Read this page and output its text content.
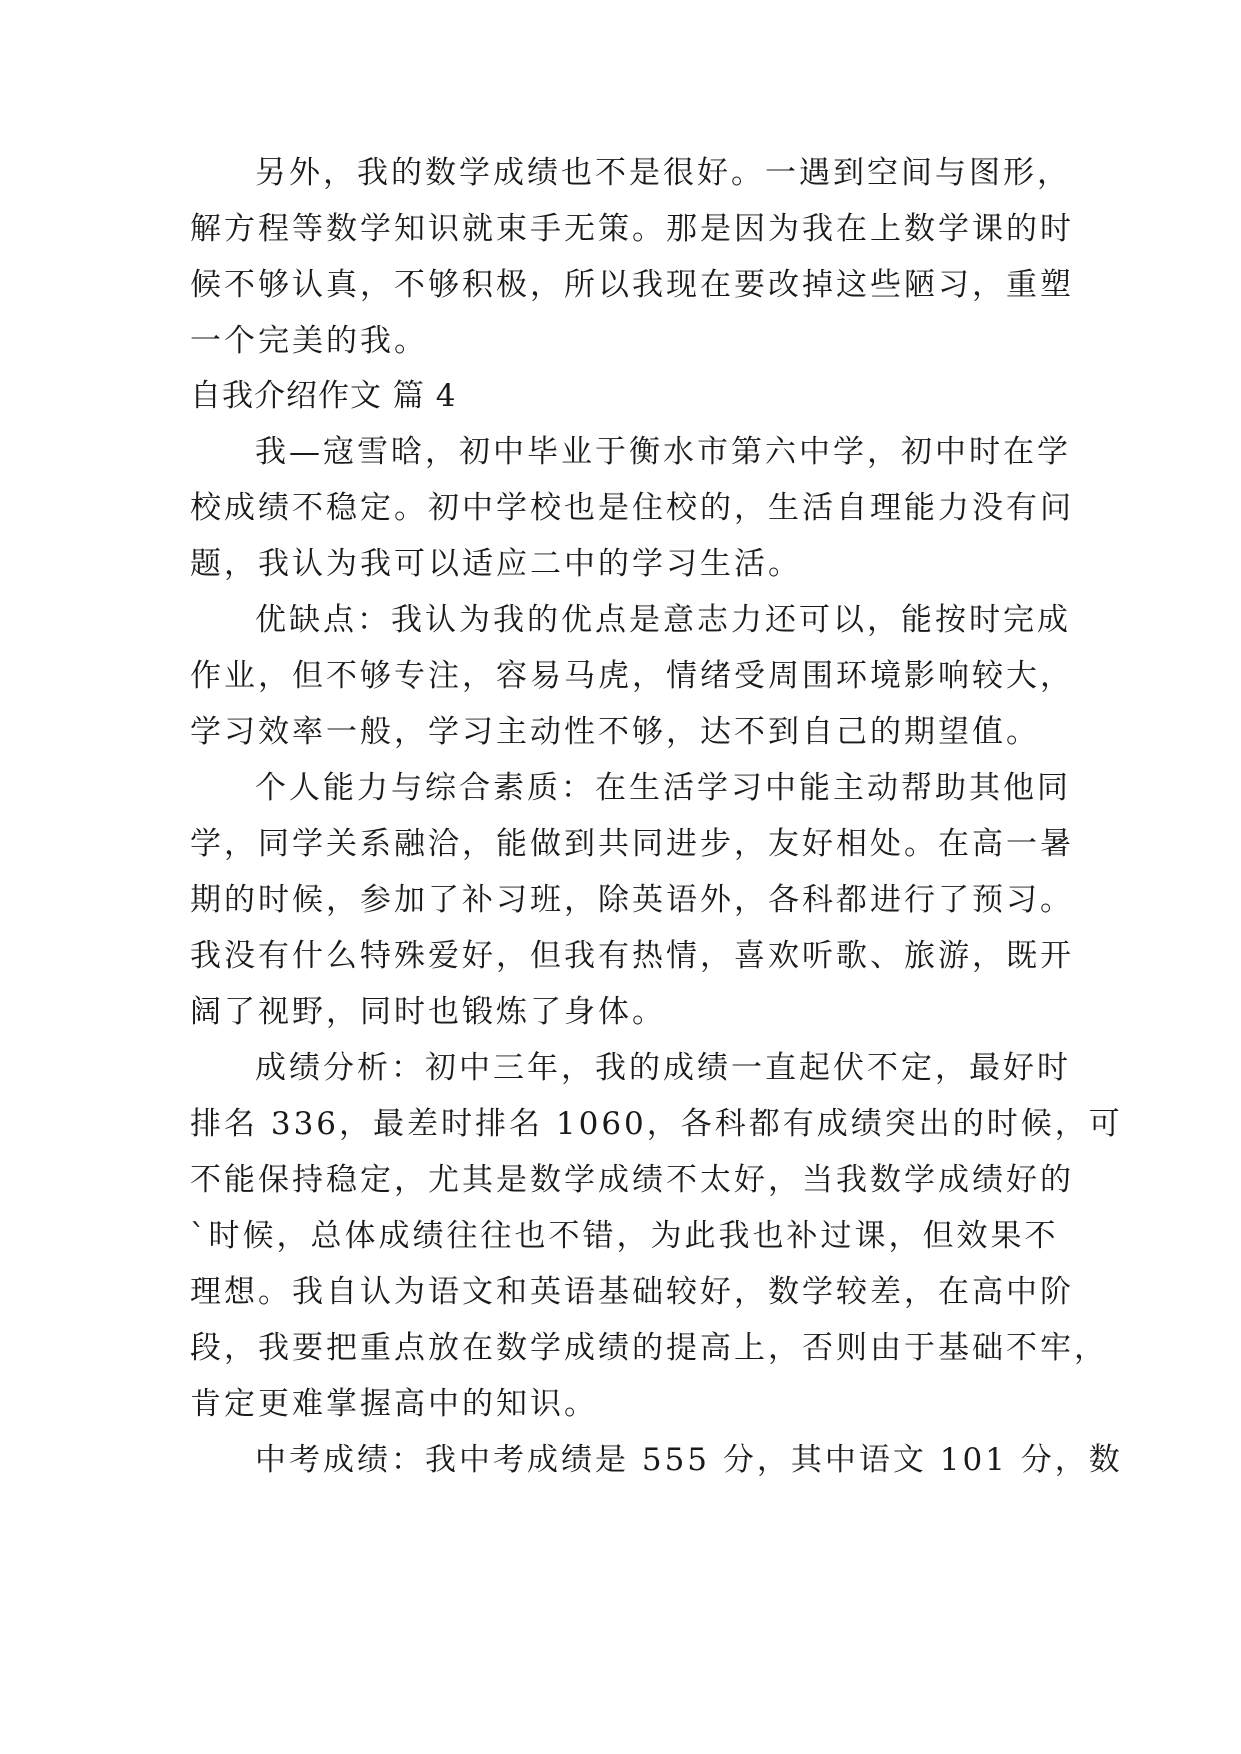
另外，我的数学成绩也不是很好。一遇到空间与图形，
解方程等数学知识就束手无策。那是因为我在上数学课的时
候不够认真，不够积极，所以我现在要改掉这些陋习，重塑
一个完美的我。
自我介绍作文 篇 4
我—寇雪晗，初中毕业于衡水市第六中学，初中时在学
校成绩不稳定。初中学校也是住校的，生活自理能力没有问
题，我认为我可以适应二中的学习生活。
优缺点：我认为我的优点是意志力还可以，能按时完成
作业，但不够专注，容易马虎，情绪受周围环境影响较大，
学习效率一般，学习主动性不够，达不到自己的期望值。
个人能力与综合素质：在生活学习中能主动帮助其他同
学，同学关系融洽，能做到共同进步，友好相处。在高一暑
期的时候，参加了补习班，除英语外，各科都进行了预习。
我没有什么特殊爱好，但我有热情，喜欢听歌、旅游，既开
阔了视野，同时也锻炼了身体。
成绩分析：初中三年，我的成绩一直起伏不定，最好时
排名 336，最差时排名 1060，各科都有成绩突出的时候，可
不能保持稳定，尤其是数学成绩不太好，当我数学成绩好的
`时候，总体成绩往往也不错，为此我也补过课，但效果不
理想。我自认为语文和英语基础较好，数学较差，在高中阶
段，我要把重点放在数学成绩的提高上，否则由于基础不牢，
肯定更难掌握高中的知识。
中考成绩：我中考成绩是 555 分，其中语文 101 分，数
